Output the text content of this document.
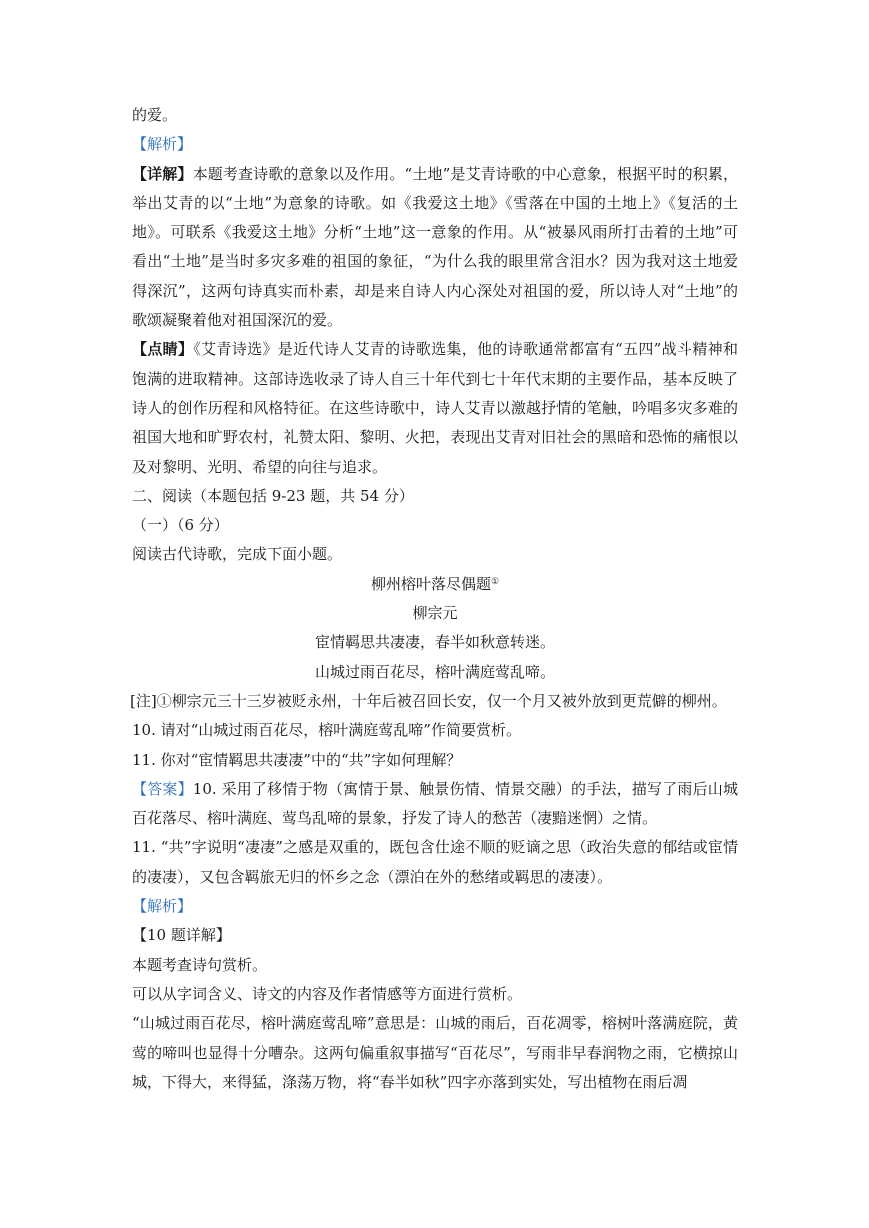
的爱。

【解析】

【详解】本题考查诗歌的意象以及作用。“土地”是艾青诗歌的中心意象，根据平时的积累，举出艾青的以“土地”为意象的诗歌。如《我爱这土地》《雪落在中国的土地上》《复活的土地》。可联系《我爱这土地》分析“土地”这一意象的作用。从“被暴风雨所打击着的土地”可看出“土地”是当时多灾多难的祖国的象征，“为什么我的眼里常含泪水？因为我对这土地爱得深沉”，这两句诗真实而朴素，却是来自诗人内心深处对祖国的爱，所以诗人对“土地”的歌颂凝聚着他对祖国深沉的爱。

【点睛】《艾青诗选》是近代诗人艾青的诗歌选集，他的诗歌通常都富有“五四”战斗精神和饱满的进取精神。这部诗选收录了诗人自三十年代到七十年代末期的主要作品，基本反映了诗人的创作历程和风格特征。在这些诗歌中，诗人艾青以激越抒情的笔触，吟唱多灾多难的祖国大地和旷野农村，礼赞太阳、黎明、火把，表现出艾青对旧社会的黑暗和恐怖的痛恨以及对黎明、光明、希望的向往与追求。

二、阅读（本题包括 9-23 题，共 54 分）

（一）（6 分）

阅读古代诗歌，完成下面小题。

柳州榕叶落尽偶题①

柳宗元

宦情羁思共凄凄，春半如秋意转迷。

山城过雨百花尽，榕叶满庭莺乱啼。

[注]①柳宗元三十三岁被贬永州，十年后被召回长安，仅一个月又被外放到更荒僻的柳州。

10. 请对“山城过雨百花尽，榕叶满庭莺乱啼”作简要赏析。

11. 你对“宦情羁思共凄凄”中的“共”字如何理解？

【答案】10. 采用了移情于物（寓情于景、触景伤情、情景交融）的手法，描写了雨后山城百花落尽、榕叶满庭、莺鸟乱啼的景象，抒发了诗人的愁苦（凄黯迷惘）之情。

11. “共”字说明“凄凄”之感是双重的，既包含仕途不顺的贬谪之思（政治失意的郁结或宦情的凄凄），又包含羁旅无归的怀乡之念（漂泊在外的愁绪或羁思的凄凄）。

【解析】

【10 题详解】

本题考查诗句赏析。

可以从字词含义、诗文的内容及作者情感等方面进行赏析。

“山城过雨百花尽，榕叶满庭莺乱啼”意思是：山城的雨后，百花凋零，榕树叶落满庭院，黄莺的啼叫也显得十分嘈杂。这两句偏重叙事描写“百花尽”，写雨非早春润物之雨，它横掠山城，下得大，来得猛，涤荡万物，将“春半如秋”四字亦落到实处，写出植物在雨后凋
